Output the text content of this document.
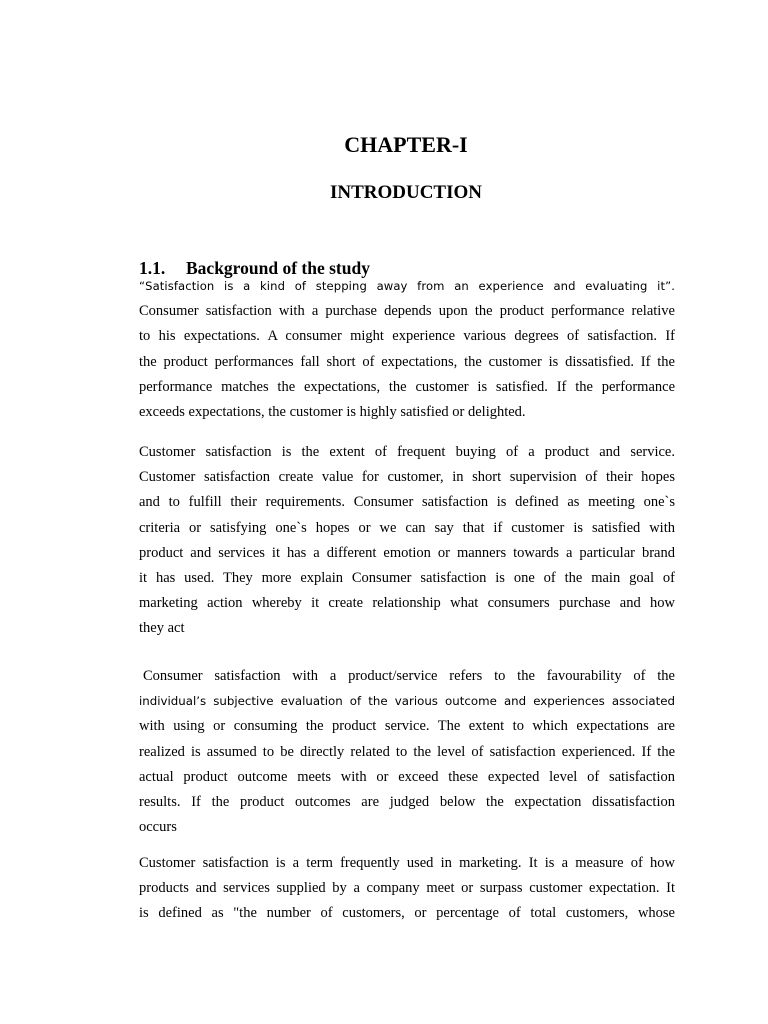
CHAPTER-I
INTRODUCTION
1.1. Background of the study
“Satisfaction is a kind of stepping away from an experience and evaluating it”.
Consumer satisfaction with a purchase depends upon the product performance relative
to his expectations. A consumer might experience various degrees of satisfaction. If
the product performances fall short of expectations, the customer is dissatisfied. If the
performance matches the expectations, the customer is satisfied. If the performance
exceeds expectations, the customer is highly satisfied or delighted.
Customer satisfaction is the extent of frequent buying of a product and service.
Customer satisfaction create value for customer, in short supervision of their hopes
and to fulfill their requirements. Consumer satisfaction is defined as meeting one`s
criteria or satisfying one`s hopes or we can say that if customer is satisfied with
product and services it has a different emotion or manners towards a particular brand
it has used. They more explain Consumer satisfaction is one of the main goal of
marketing action whereby it create relationship what consumers purchase and how
they act
Consumer satisfaction with a product/service refers to the favourability of the
individual’s subjective evaluation of the various outcome and experiences associated
with using or consuming the product service. The extent to which expectations are
realized is assumed to be directly related to the level of satisfaction experienced. If the
actual product outcome meets with or exceed these expected level of satisfaction
results. If the product outcomes are judged below the expectation dissatisfaction
occurs
Customer satisfaction is a term frequently used in marketing. It is a measure of how
products and services supplied by a company meet or surpass customer expectation. It
is defined as "the number of customers, or percentage of total customers, whose
